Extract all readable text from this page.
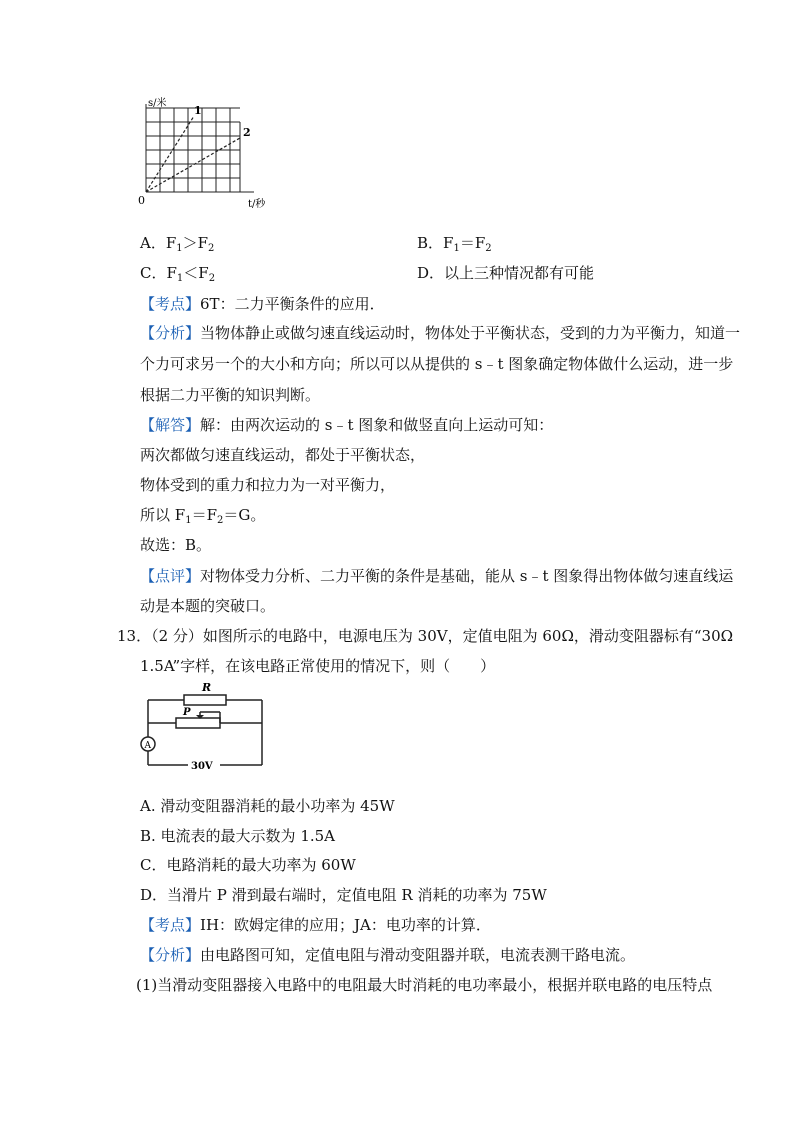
s/米
t/秒
0
1
2
A．$F_1>F_2$	B．$F_1=F_2$
C．$F_1<F_2$	D．以上三种情况都有可能
【考点】6T：二力平衡条件的应用．
【分析】当物体静止或做匀速直线运动时，物体处于平衡状态，受到的力为平衡力，知道一
个力可求另一个的大小和方向；所以可以从提供的 s﹣t 图象确定物体做什么运动，进一步
根据二力平衡的知识判断。
【解答】解：由两次运动的 s﹣t 图象和做竖直向上运动可知：
两次都做匀速直线运动，都处于平衡状态，
物体受到的重力和拉力为一对平衡力，
所以 $F_1=F_2=G$。
故选：B。
【点评】对物体受力分析、二力平衡的条件是基础，能从 s﹣t 图象得出物体做匀速直线运
动是本题的突破口。
13．（2 分）如图所示的电路中，电源电压为 30V，定值电阻为 60Ω，滑动变阻器标有“30Ω
1.5A”字样，在该电路正常使用的情况下，则（　　）
R
P
A
30V
A. 滑动变阻器消耗的最小功率为 45W
B. 电流表的最大示数为 1.5A
C．电路消耗的最大功率为 60W
D．当滑片 P 滑到最右端时，定值电阻 R 消耗的功率为 75W
【考点】IH：欧姆定律的应用；JA：电功率的计算．
【分析】由电路图可知，定值电阻与滑动变阻器并联，电流表测干路电流。
(1)当滑动变阻器接入电路中的电阻最大时消耗的电功率最小，根据并联电路的电压特点
